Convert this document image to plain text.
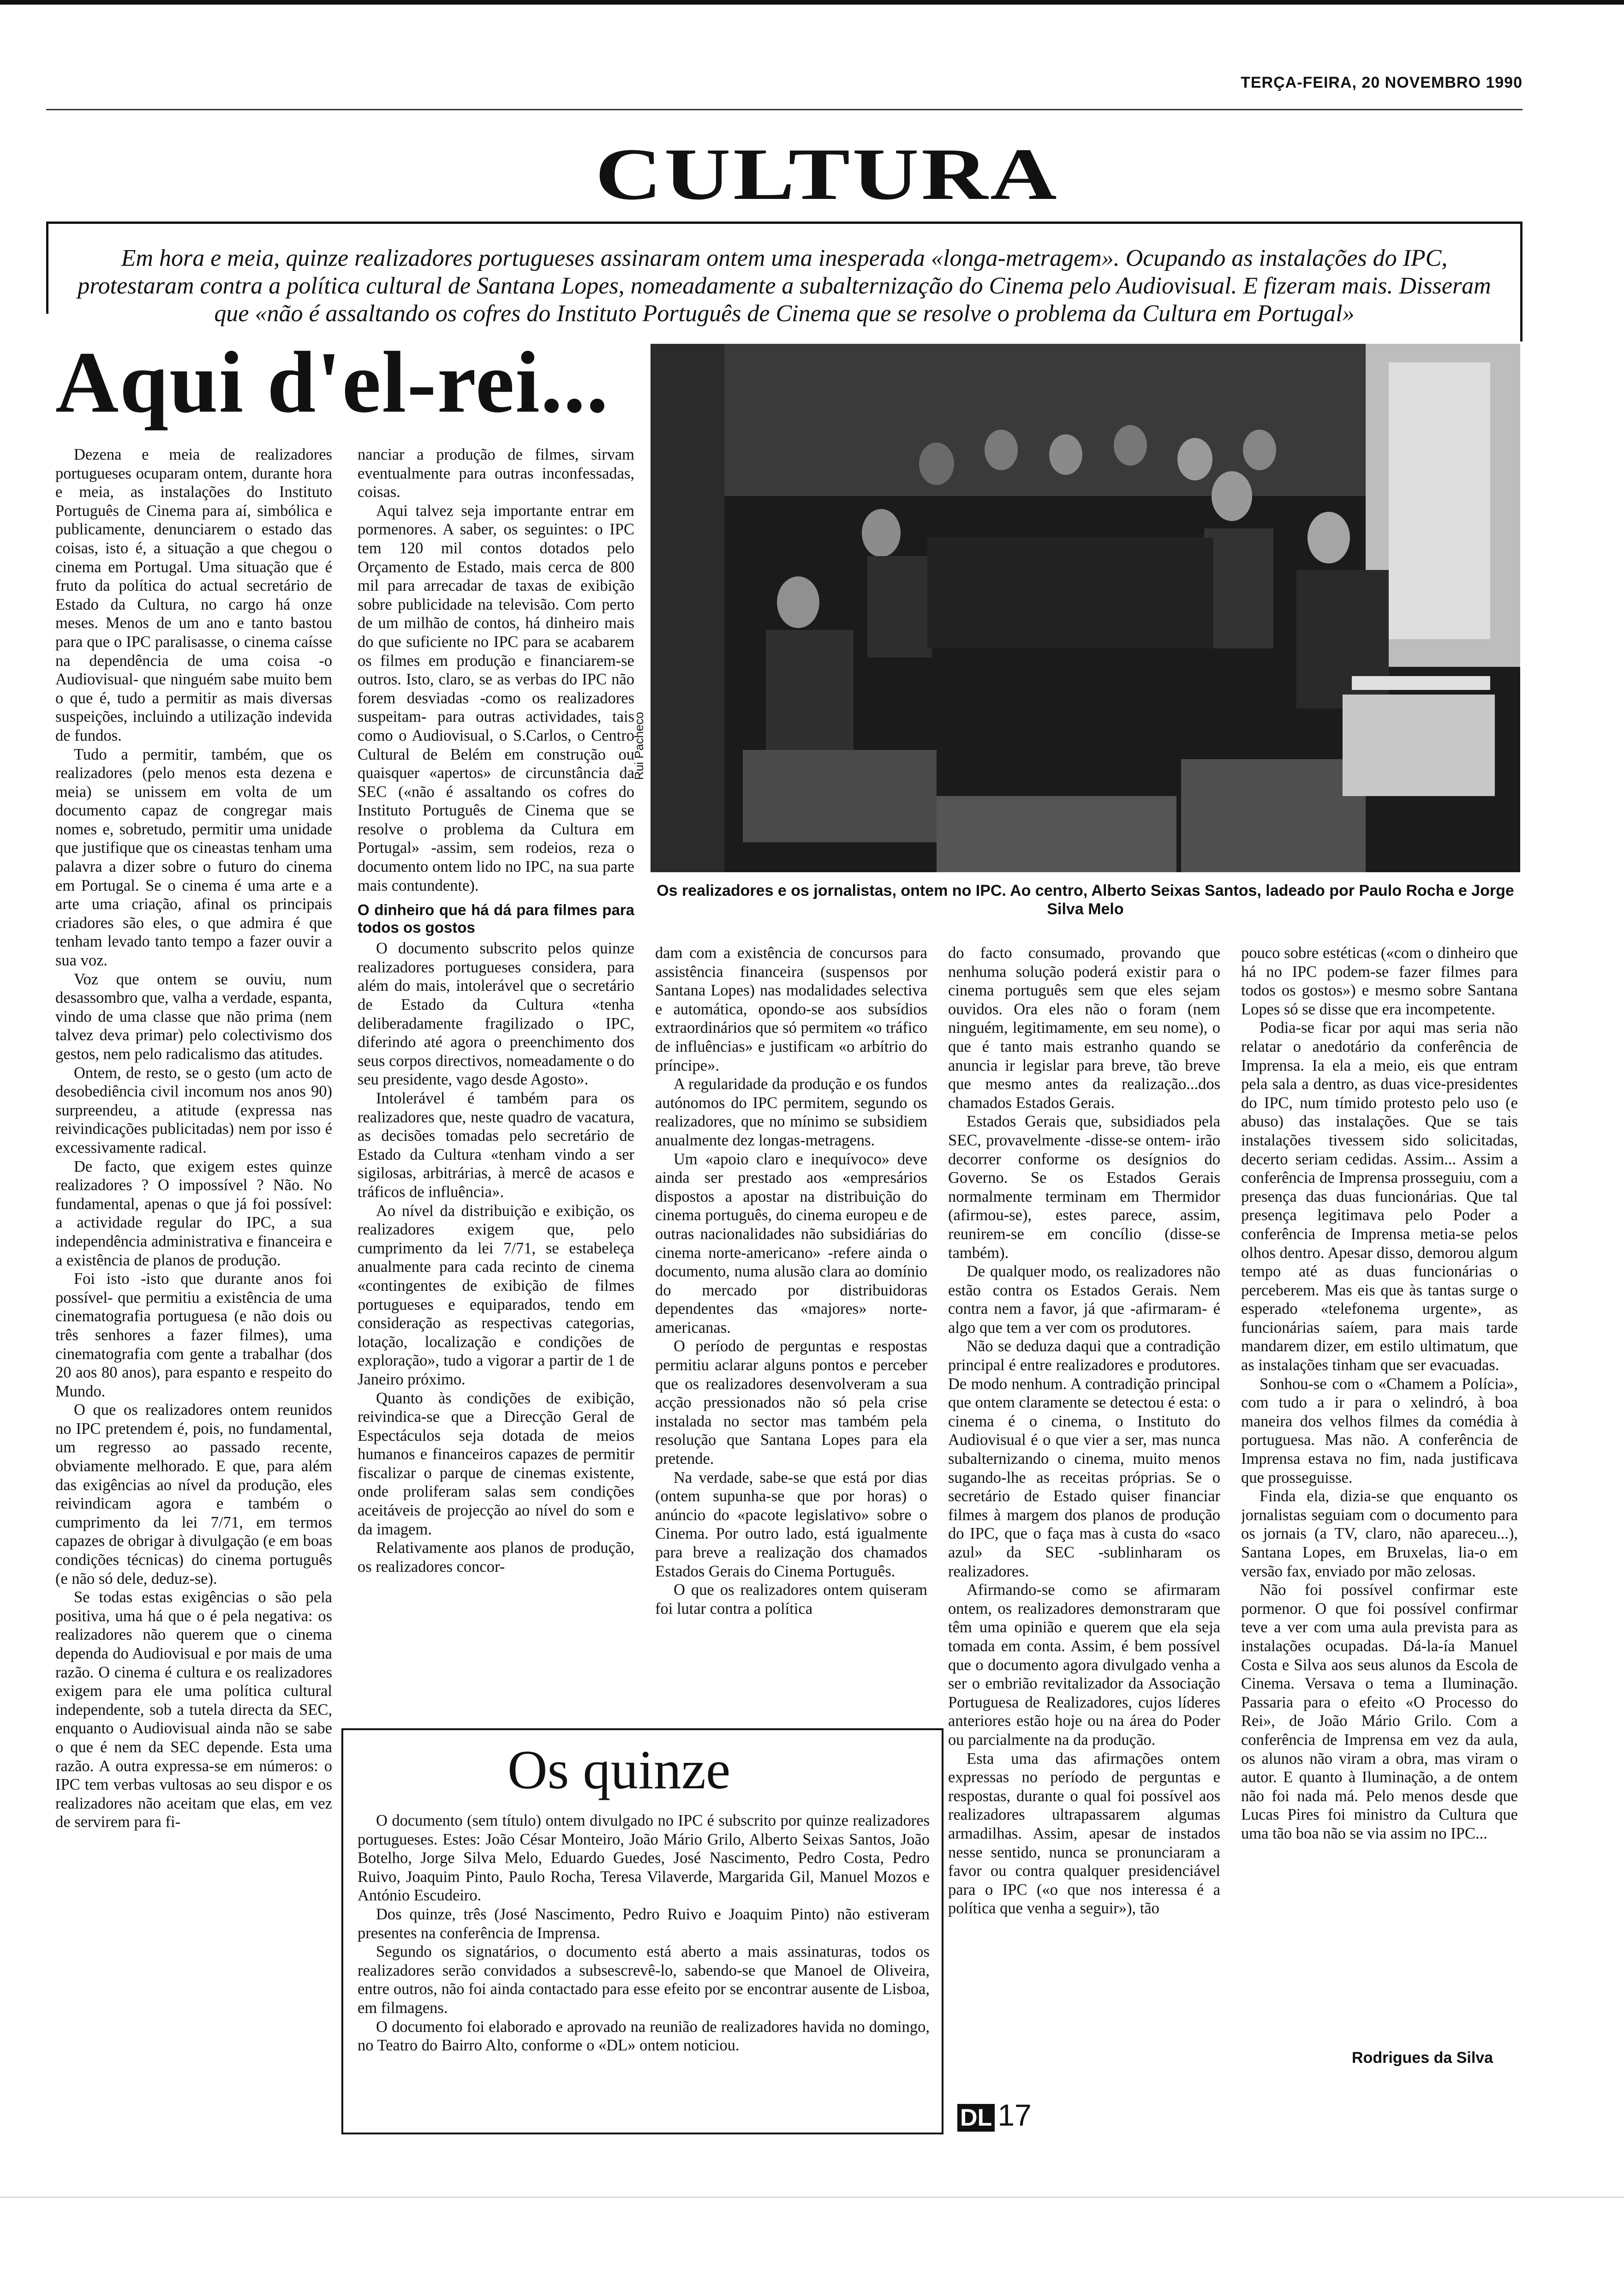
TERÇA-FEIRA, 20 NOVEMBRO 1990
CULTURA
Em hora e meia, quinze realizadores portugueses assinaram ontem uma inesperada «longa-metragem». Ocupando as instalações do IPC, protestaram contra a política cultural de Santana Lopes, nomeadamente a subalternização do Cinema pelo Audiovisual. E fizeram mais. Disseram que «não é assaltando os cofres do Instituto Português de Cinema que se resolve o problema da Cultura em Portugal»
Aqui d'el-rei...
Rui Pacheco
Os realizadores e os jornalistas, ontem no IPC. Ao centro, Alberto Seixas Santos, ladeado por Paulo Rocha e Jorge Silva Melo

Dezena e meia de realizadores portugueses ocuparam ontem, durante hora e meia, as instalações do Instituto Português de Cinema para aí, simbólica e publicamente, denunciarem o estado das coisas, isto é, a situação a que chegou o cinema em Portugal. Uma situação que é fruto da política do actual secretário de Estado da Cultura, no cargo há onze meses. Menos de um ano e tanto bastou para que o IPC paralisasse, o cinema caísse na dependência de uma coisa -o Audiovisual- que ninguém sabe muito bem o que é, tudo a permitir as mais diversas suspeições, incluindo a utilização indevida de fundos.

Tudo a permitir, também, que os realizadores (pelo menos esta dezena e meia) se unissem em volta de um documento capaz de congregar mais nomes e, sobretudo, permitir uma unidade que justifique que os cineastas tenham uma palavra a dizer sobre o futuro do cinema em Portugal. Se o cinema é uma arte e a arte uma criação, afinal os principais criadores são eles, o que admira é que tenham levado tanto tempo a fazer ouvir a sua voz.

Voz que ontem se ouviu, num desassombro que, valha a verdade, espanta, vindo de uma classe que não prima (nem talvez deva primar) pelo colectivismo dos gestos, nem pelo radicalismo das atitudes.

Ontem, de resto, se o gesto (um acto de desobediência civil incomum nos anos 90) surpreendeu, a atitude (expressa nas reivindicações publicitadas) nem por isso é excessivamente radical.

De facto, que exigem estes quinze realizadores ? O impossível ? Não. No fundamental, apenas o que já foi possível: a actividade regular do IPC, a sua independência administrativa e financeira e a existência de planos de produção.

Foi isto -isto que durante anos foi possível- que permitiu a existência de uma cinematografia portuguesa (e não dois ou três senhores a fazer filmes), uma cinematografia com gente a trabalhar (dos 20 aos 80 anos), para espanto e respeito do Mundo.

O que os realizadores ontem reunidos no IPC pretendem é, pois, no fundamental, um regresso ao passado recente, obviamente melhorado. E que, para além das exigências ao nível da produção, eles reivindicam agora e também o cumprimento da lei 7/71, em termos capazes de obrigar à divulgação (e em boas condições técnicas) do cinema português (e não só dele, deduz-se).

Se todas estas exigências o são pela positiva, uma há que o é pela negativa: os realizadores não querem que o cinema dependa do Audiovisual e por mais de uma razão. O cinema é cultura e os realizadores exigem para ele uma política cultural independente, sob a tutela directa da SEC, enquanto o Audiovisual ainda não se sabe o que é nem da SEC depende. Esta uma razão. A outra expressa-se em números: o IPC tem verbas vultosas ao seu dispor e os realizadores não aceitam que elas, em vez de servirem para fi-

nanciar a produção de filmes, sirvam eventualmente para outras inconfessadas, coisas.

Aqui talvez seja importante entrar em pormenores. A saber, os seguintes: o IPC tem 120 mil contos dotados pelo Orçamento de Estado, mais cerca de 800 mil para arrecadar de taxas de exibição sobre publicidade na televisão. Com perto de um milhão de contos, há dinheiro mais do que suficiente no IPC para se acabarem os filmes em produção e financiarem-se outros. Isto, claro, se as verbas do IPC não forem desviadas -como os realizadores suspeitam- para outras actividades, tais como o Audiovisual, o S.Carlos, o Centro Cultural de Belém em construção ou quaisquer «apertos» de circunstância da SEC («não é assaltando os cofres do Instituto Português de Cinema que se resolve o problema da Cultura em Portugal» -assim, sem rodeios, reza o documento ontem lido no IPC, na sua parte mais contundente).

O dinheiro que há dá para filmes para todos os gostos

O documento subscrito pelos quinze realizadores portugueses considera, para além do mais, intolerável que o secretário de Estado da Cultura «tenha deliberadamente fragilizado o IPC, diferindo até agora o preenchimento dos seus corpos directivos, nomeadamente o do seu presidente, vago desde Agosto».

Intolerável é também para os realizadores que, neste quadro de vacatura, as decisões tomadas pelo secretário de Estado da Cultura «tenham vindo a ser sigilosas, arbitrárias, à mercê de acasos e tráficos de influência».

Ao nível da distribuição e exibição, os realizadores exigem que, pelo cumprimento da lei 7/71, se estabeleça anualmente para cada recinto de cinema «contingentes de exibição de filmes portugueses e equiparados, tendo em consideração as respectivas categorias, lotação, localização e condições de exploração», tudo a vigorar a partir de 1 de Janeiro próximo.

Quanto às condições de exibição, reivindica-se que a Direcção Geral de Espectáculos seja dotada de meios humanos e financeiros capazes de permitir fiscalizar o parque de cinemas existente, onde proliferam salas sem condições aceitáveis de projecção ao nível do som e da imagem.

Relativamente aos planos de produção, os realizadores concor-

dam com a existência de concursos para assistência financeira (suspensos por Santana Lopes) nas modalidades selectiva e automática, opondo-se aos subsídios extraordinários que só permitem «o tráfico de influências» e justificam «o arbítrio do príncipe».

A regularidade da produção e os fundos autónomos do IPC permitem, segundo os realizadores, que no mínimo se subsidiem anualmente dez longas-metragens.

Um «apoio claro e inequívoco» deve ainda ser prestado aos «empresários dispostos a apostar na distribuição do cinema português, do cinema europeu e de outras nacionalidades não subsidiárias do cinema norte-americano» -refere ainda o documento, numa alusão clara ao domínio do mercado por distribuidoras dependentes das «majores» norte-americanas.

O período de perguntas e respostas permitiu aclarar alguns pontos e perceber que os realizadores desenvolveram a sua acção pressionados não só pela crise instalada no sector mas também pela resolução que Santana Lopes para ela pretende.

Na verdade, sabe-se que está por dias (ontem supunha-se que por horas) o anúncio do «pacote legislativo» sobre o Cinema. Por outro lado, está igualmente para breve a realização dos chamados Estados Gerais do Cinema Português.

O que os realizadores ontem quiseram foi lutar contra a política

do facto consumado, provando que nenhuma solução poderá existir para o cinema português sem que eles sejam ouvidos. Ora eles não o foram (nem ninguém, legitimamente, em seu nome), o que é tanto mais estranho quando se anuncia ir legislar para breve, tão breve que mesmo antes da realização...dos chamados Estados Gerais.

Estados Gerais que, subsidiados pela SEC, provavelmente -disse-se ontem- irão decorrer conforme os desígnios do Governo. Se os Estados Gerais normalmente terminam em Thermidor (afirmou-se), estes parece, assim, reunirem-se em concílio (disse-se também).

De qualquer modo, os realizadores não estão contra os Estados Gerais. Nem contra nem a favor, já que -afirmaram- é algo que tem a ver com os produtores.

Não se deduza daqui que a contradição principal é entre realizadores e produtores. De modo nenhum. A contradição principal que ontem claramente se detectou é esta: o cinema é o cinema, o Instituto do Audiovisual é o que vier a ser, mas nunca subalternizando o cinema, muito menos sugando-lhe as receitas próprias. Se o secretário de Estado quiser financiar filmes à margem dos planos de produção do IPC, que o faça mas à custa do «saco azul» da SEC -sublinharam os realizadores.

Afirmando-se como se afirmaram ontem, os realizadores demonstraram que têm uma opinião e querem que ela seja tomada em conta. Assim, é bem possível que o documento agora divulgado venha a ser o embrião revitalizador da Associação Portuguesa de Realizadores, cujos líderes anteriores estão hoje ou na área do Poder ou parcialmente na da produção.

Esta uma das afirmações ontem expressas no período de perguntas e respostas, durante o qual foi possível aos realizadores ultrapassarem algumas armadilhas. Assim, apesar de instados nesse sentido, nunca se pronunciaram a favor ou contra qualquer presidenciável para o IPC («o que nos interessa é a política que venha a seguir»), tão

pouco sobre estéticas («com o dinheiro que há no IPC podem-se fazer filmes para todos os gostos») e mesmo sobre Santana Lopes só se disse que era incompetente.

Podia-se ficar por aqui mas seria não relatar o anedotário da conferência de Imprensa. Ia ela a meio, eis que entram pela sala a dentro, as duas vice-presidentes do IPC, num tímido protesto pelo uso (e abuso) das instalações. Que se tais instalações tivessem sido solicitadas, decerto seriam cedidas. Assim... Assim a conferência de Imprensa prosseguiu, com a presença das duas funcionárias. Que tal presença legitimava pelo Poder a conferência de Imprensa metia-se pelos olhos dentro. Apesar disso, demorou algum tempo até as duas funcionárias o perceberem. Mas eis que às tantas surge o esperado «telefonema urgente», as funcionárias saíem, para mais tarde mandarem dizer, em estilo ultimatum, que as instalações tinham que ser evacuadas.

Sonhou-se com o «Chamem a Polícia», com tudo a ir para o xelindró, à boa maneira dos velhos filmes da comédia à portuguesa. Mas não. A conferência de Imprensa estava no fim, nada justificava que prosseguisse.

Finda ela, dizia-se que enquanto os jornalistas seguiam com o documento para os jornais (a TV, claro, não apareceu...), Santana Lopes, em Bruxelas, lia-o em versão fax, enviado por mão zelosas.

Não foi possível confirmar este pormenor. O que foi possível confirmar teve a ver com uma aula prevista para as instalações ocupadas. Dá-la-ía Manuel Costa e Silva aos seus alunos da Escola de Cinema. Versava o tema a Iluminação. Passaria para o efeito «O Processo do Rei», de João Mário Grilo. Com a conferência de Imprensa em vez da aula, os alunos não viram a obra, mas viram o autor. E quanto à Iluminação, a de ontem não foi nada má. Pelo menos desde que Lucas Pires foi ministro da Cultura que uma tão boa não se via assim no IPC...

Os quinze

O documento (sem título) ontem divulgado no IPC é subscrito por quinze realizadores portugueses. Estes: João César Monteiro, João Mário Grilo, Alberto Seixas Santos, João Botelho, Jorge Silva Melo, Eduardo Guedes, José Nascimento, Pedro Costa, Pedro Ruivo, Joaquim Pinto, Paulo Rocha, Teresa Vilaverde, Margarida Gil, Manuel Mozos e António Escudeiro.

Dos quinze, três (José Nascimento, Pedro Ruivo e Joaquim Pinto) não estiveram presentes na conferência de Imprensa.

Segundo os signatários, o documento está aberto a mais assinaturas, todos os realizadores serão convidados a subsescrevê-lo, sabendo-se que Manoel de Oliveira, entre outros, não foi ainda contactado para esse efeito por se encontrar ausente de Lisboa, em filmagens.

O documento foi elaborado e aprovado na reunião de realizadores havida no domingo, no Teatro do Bairro Alto, conforme o «DL» ontem noticiou.

Rodrigues da Silva
DL 17
